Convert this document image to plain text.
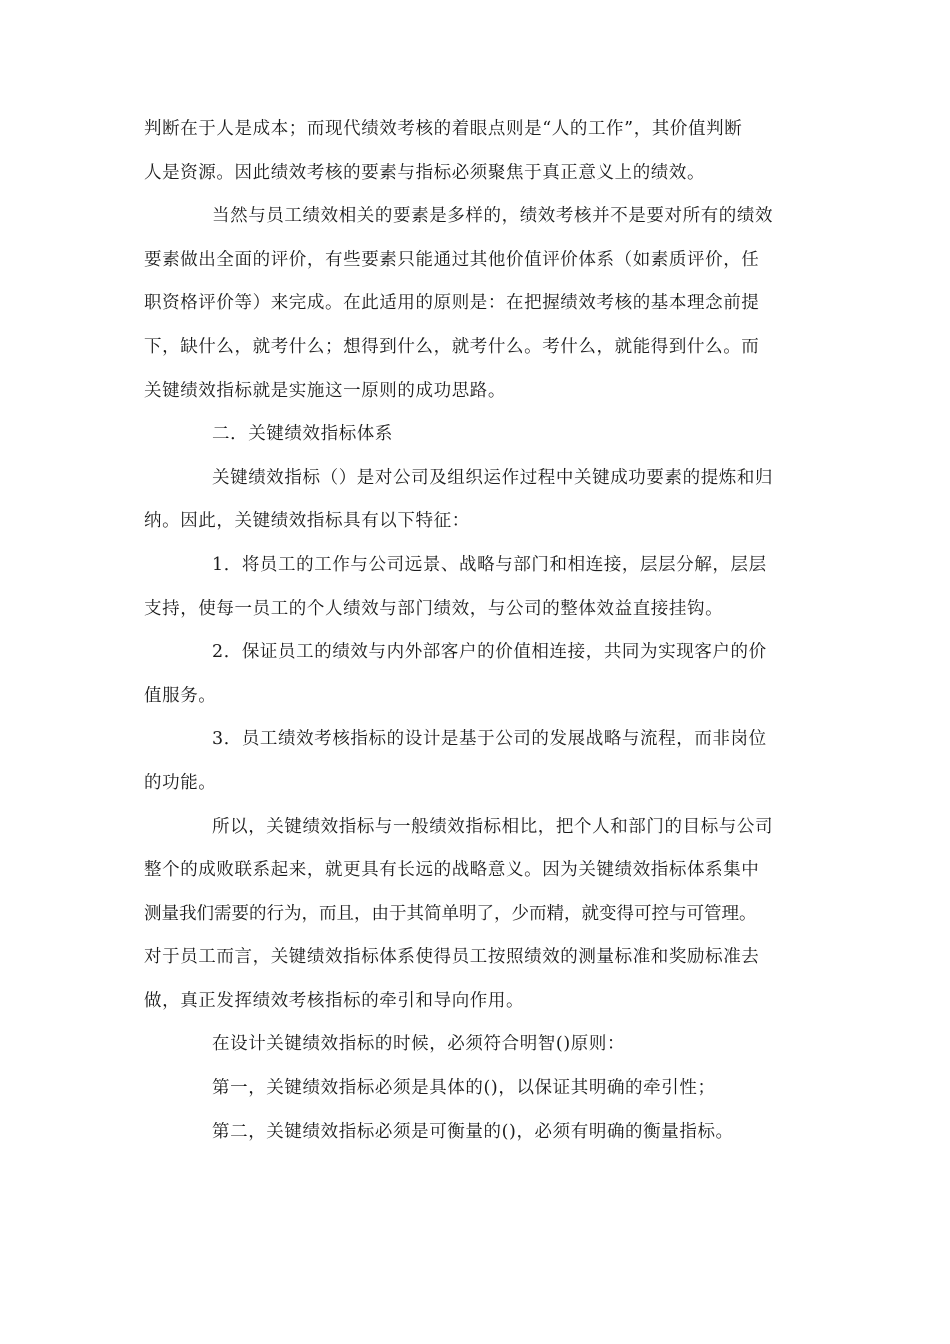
判断在于人是成本；而现代绩效考核的着眼点则是“人的工作”，其价值判断
人是资源。因此绩效考核的要素与指标必须聚焦于真正意义上的绩效。

当然与员工绩效相关的要素是多样的，绩效考核并不是要对所有的绩效
要素做出全面的评价，有些要素只能通过其他价值评价体系（如素质评价，任
职资格评价等）来完成。在此适用的原则是：在把握绩效考核的基本理念前提
下，缺什么，就考什么；想得到什么，就考什么。考什么，就能得到什么。而
关键绩效指标就是实施这一原则的成功思路。

二．关键绩效指标体系

关键绩效指标（）是对公司及组织运作过程中关键成功要素的提炼和归
纳。因此，关键绩效指标具有以下特征：

1．将员工的工作与公司远景、战略与部门和相连接，层层分解，层层
支持，使每一员工的个人绩效与部门绩效，与公司的整体效益直接挂钩。

2．保证员工的绩效与内外部客户的价值相连接，共同为实现客户的价
值服务。

3．员工绩效考核指标的设计是基于公司的发展战略与流程，而非岗位
的功能。

所以，关键绩效指标与一般绩效指标相比，把个人和部门的目标与公司
整个的成败联系起来，就更具有长远的战略意义。因为关键绩效指标体系集中
测量我们需要的行为，而且，由于其简单明了，少而精，就变得可控与可管理。
对于员工而言，关键绩效指标体系使得员工按照绩效的测量标准和奖励标准去
做，真正发挥绩效考核指标的牵引和导向作用。

在设计关键绩效指标的时候，必须符合明智()原则：

第一，关键绩效指标必须是具体的()，以保证其明确的牵引性；

第二，关键绩效指标必须是可衡量的()，必须有明确的衡量指标。
